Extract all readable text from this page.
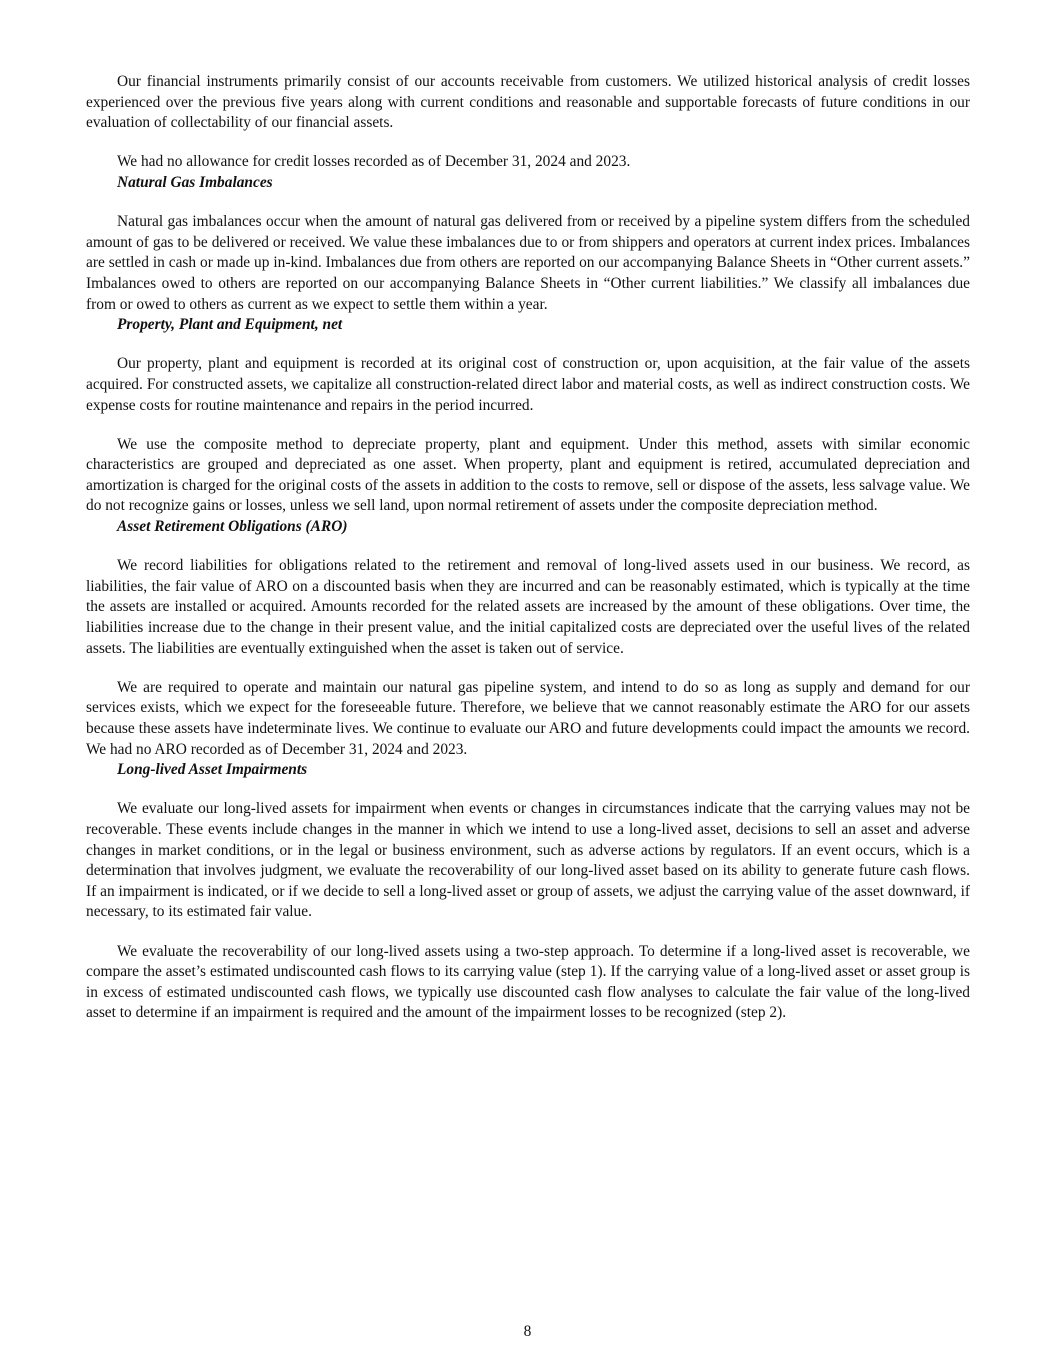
Our financial instruments primarily consist of our accounts receivable from customers. We utilized historical analysis of credit losses experienced over the previous five years along with current conditions and reasonable and supportable forecasts of future conditions in our evaluation of collectability of our financial assets.

We had no allowance for credit losses recorded as of December 31, 2024 and 2023.

Natural Gas Imbalances

Natural gas imbalances occur when the amount of natural gas delivered from or received by a pipeline system differs from the scheduled amount of gas to be delivered or received. We value these imbalances due to or from shippers and operators at current index prices. Imbalances are settled in cash or made up in-kind. Imbalances due from others are reported on our accompanying Balance Sheets in “Other current assets.” Imbalances owed to others are reported on our accompanying Balance Sheets in “Other current liabilities.” We classify all imbalances due from or owed to others as current as we expect to settle them within a year.

Property, Plant and Equipment, net

Our property, plant and equipment is recorded at its original cost of construction or, upon acquisition, at the fair value of the assets acquired. For constructed assets, we capitalize all construction-related direct labor and material costs, as well as indirect construction costs. We expense costs for routine maintenance and repairs in the period incurred.

We use the composite method to depreciate property, plant and equipment. Under this method, assets with similar economic characteristics are grouped and depreciated as one asset. When property, plant and equipment is retired, accumulated depreciation and amortization is charged for the original costs of the assets in addition to the costs to remove, sell or dispose of the assets, less salvage value. We do not recognize gains or losses, unless we sell land, upon normal retirement of assets under the composite depreciation method.

Asset Retirement Obligations (ARO)

We record liabilities for obligations related to the retirement and removal of long-lived assets used in our business. We record, as liabilities, the fair value of ARO on a discounted basis when they are incurred and can be reasonably estimated, which is typically at the time the assets are installed or acquired. Amounts recorded for the related assets are increased by the amount of these obligations. Over time, the liabilities increase due to the change in their present value, and the initial capitalized costs are depreciated over the useful lives of the related assets. The liabilities are eventually extinguished when the asset is taken out of service.

We are required to operate and maintain our natural gas pipeline system, and intend to do so as long as supply and demand for our services exists, which we expect for the foreseeable future. Therefore, we believe that we cannot reasonably estimate the ARO for our assets because these assets have indeterminate lives. We continue to evaluate our ARO and future developments could impact the amounts we record. We had no ARO recorded as of December 31, 2024 and 2023.

Long-lived Asset Impairments

We evaluate our long-lived assets for impairment when events or changes in circumstances indicate that the carrying values may not be recoverable. These events include changes in the manner in which we intend to use a long-lived asset, decisions to sell an asset and adverse changes in market conditions, or in the legal or business environment, such as adverse actions by regulators. If an event occurs, which is a determination that involves judgment, we evaluate the recoverability of our long-lived asset based on its ability to generate future cash flows. If an impairment is indicated, or if we decide to sell a long-lived asset or group of assets, we adjust the carrying value of the asset downward, if necessary, to its estimated fair value.

We evaluate the recoverability of our long-lived assets using a two-step approach. To determine if a long-lived asset is recoverable, we compare the asset’s estimated undiscounted cash flows to its carrying value (step 1). If the carrying value of a long-lived asset or asset group is in excess of estimated undiscounted cash flows, we typically use discounted cash flow analyses to calculate the fair value of the long-lived asset to determine if an impairment is required and the amount of the impairment losses to be recognized (step 2).

8
